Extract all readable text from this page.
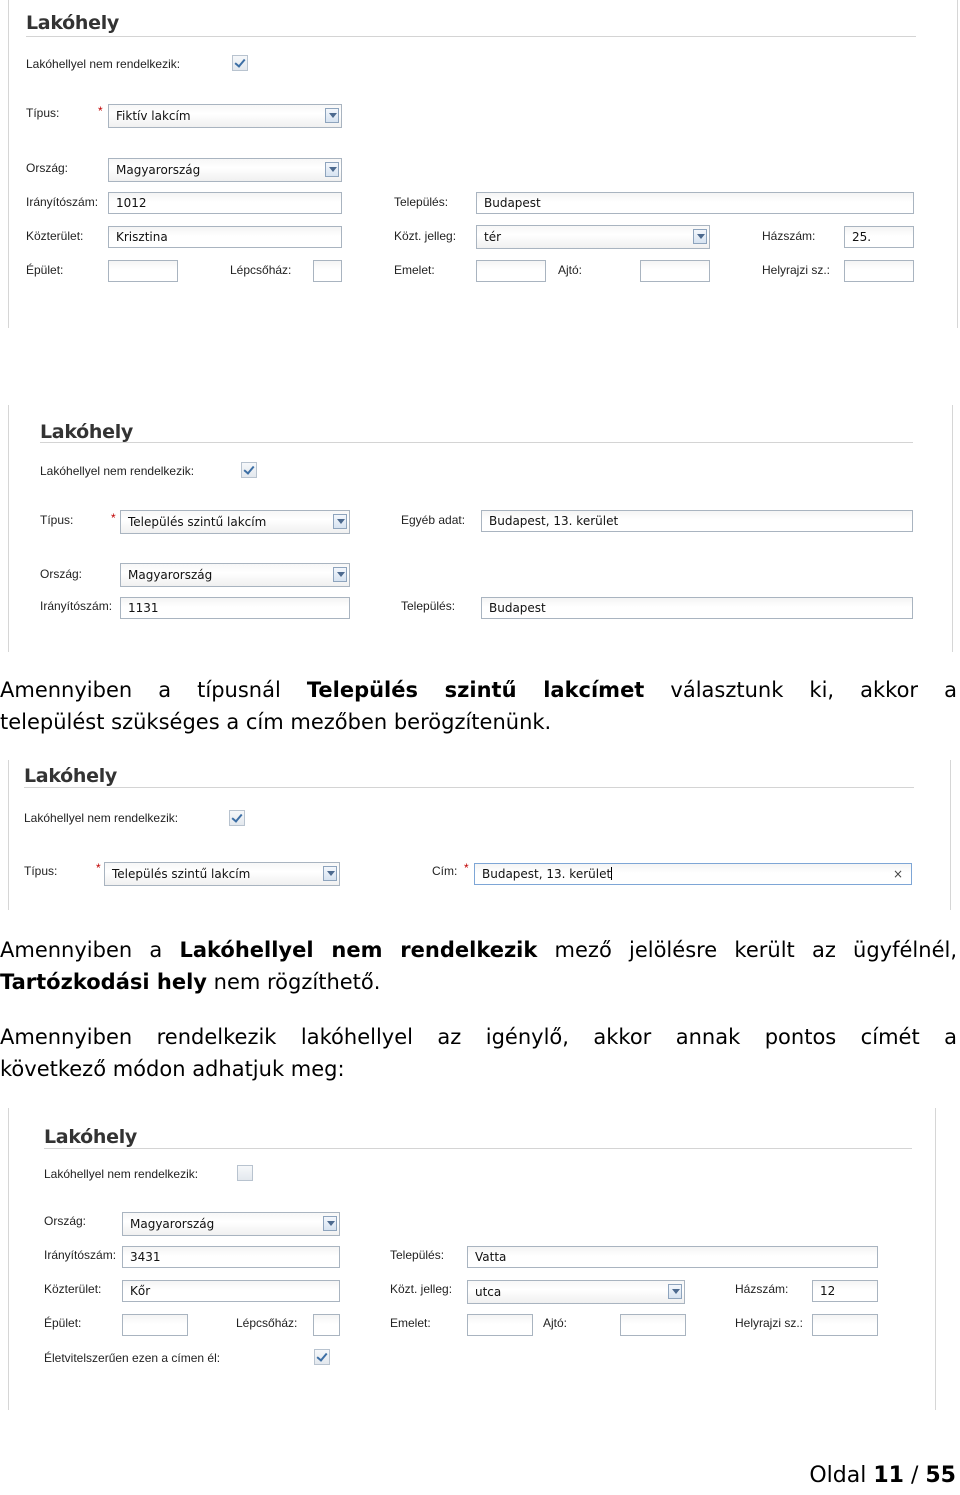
Lakóhely
Lakóhellyel nem rendelkezik:
Típus:	*	Fiktív lakcím
Ország:	Magyarország
Irányítószám:	1012	Település:	Budapest
Közterület:	Krisztina	Közt. jelleg:	tér	Házszám:	25.
Épület:	Lépcsőház:	Emelet:	Ajtó:	Helyrajzi sz.:
Lakóhely
Lakóhellyel nem rendelkezik:
Típus:	*	Település szintű lakcím	Egyéb adat:	Budapest, 13. kerület
Ország:	Magyarország
Irányítószám:	1131	Település:	Budapest
Amennyiben a típusnál Település szintű lakcímet választunk ki, akkor a
települést szükséges a cím mezőben berögzítenünk.
Lakóhely
Lakóhellyel nem rendelkezik:
Típus:	* Település szintű lakcím	Cím: *	Budapest, 13. kerület	×
Amennyiben a Lakóhellyel nem rendelkezik mező jelölésre került az ügyfélnél,
Tartózkodási hely nem rögzíthető.
Amennyiben rendelkezik lakóhellyel az igénylő, akkor annak pontos címét a
következő módon adhatjuk meg:
Lakóhely
Lakóhellyel nem rendelkezik:
Ország:	Magyarország
Irányítószám:	3431	Település:	Vatta
Közterület:	Kőr	Közt. jelleg:	utca	Házszám:	12
Épület:	Lépcsőház:	Emelet:	Ajtó:	Helyrajzi sz.:
Életvitelszerűen ezen a címen él:
Oldal 11 / 55
